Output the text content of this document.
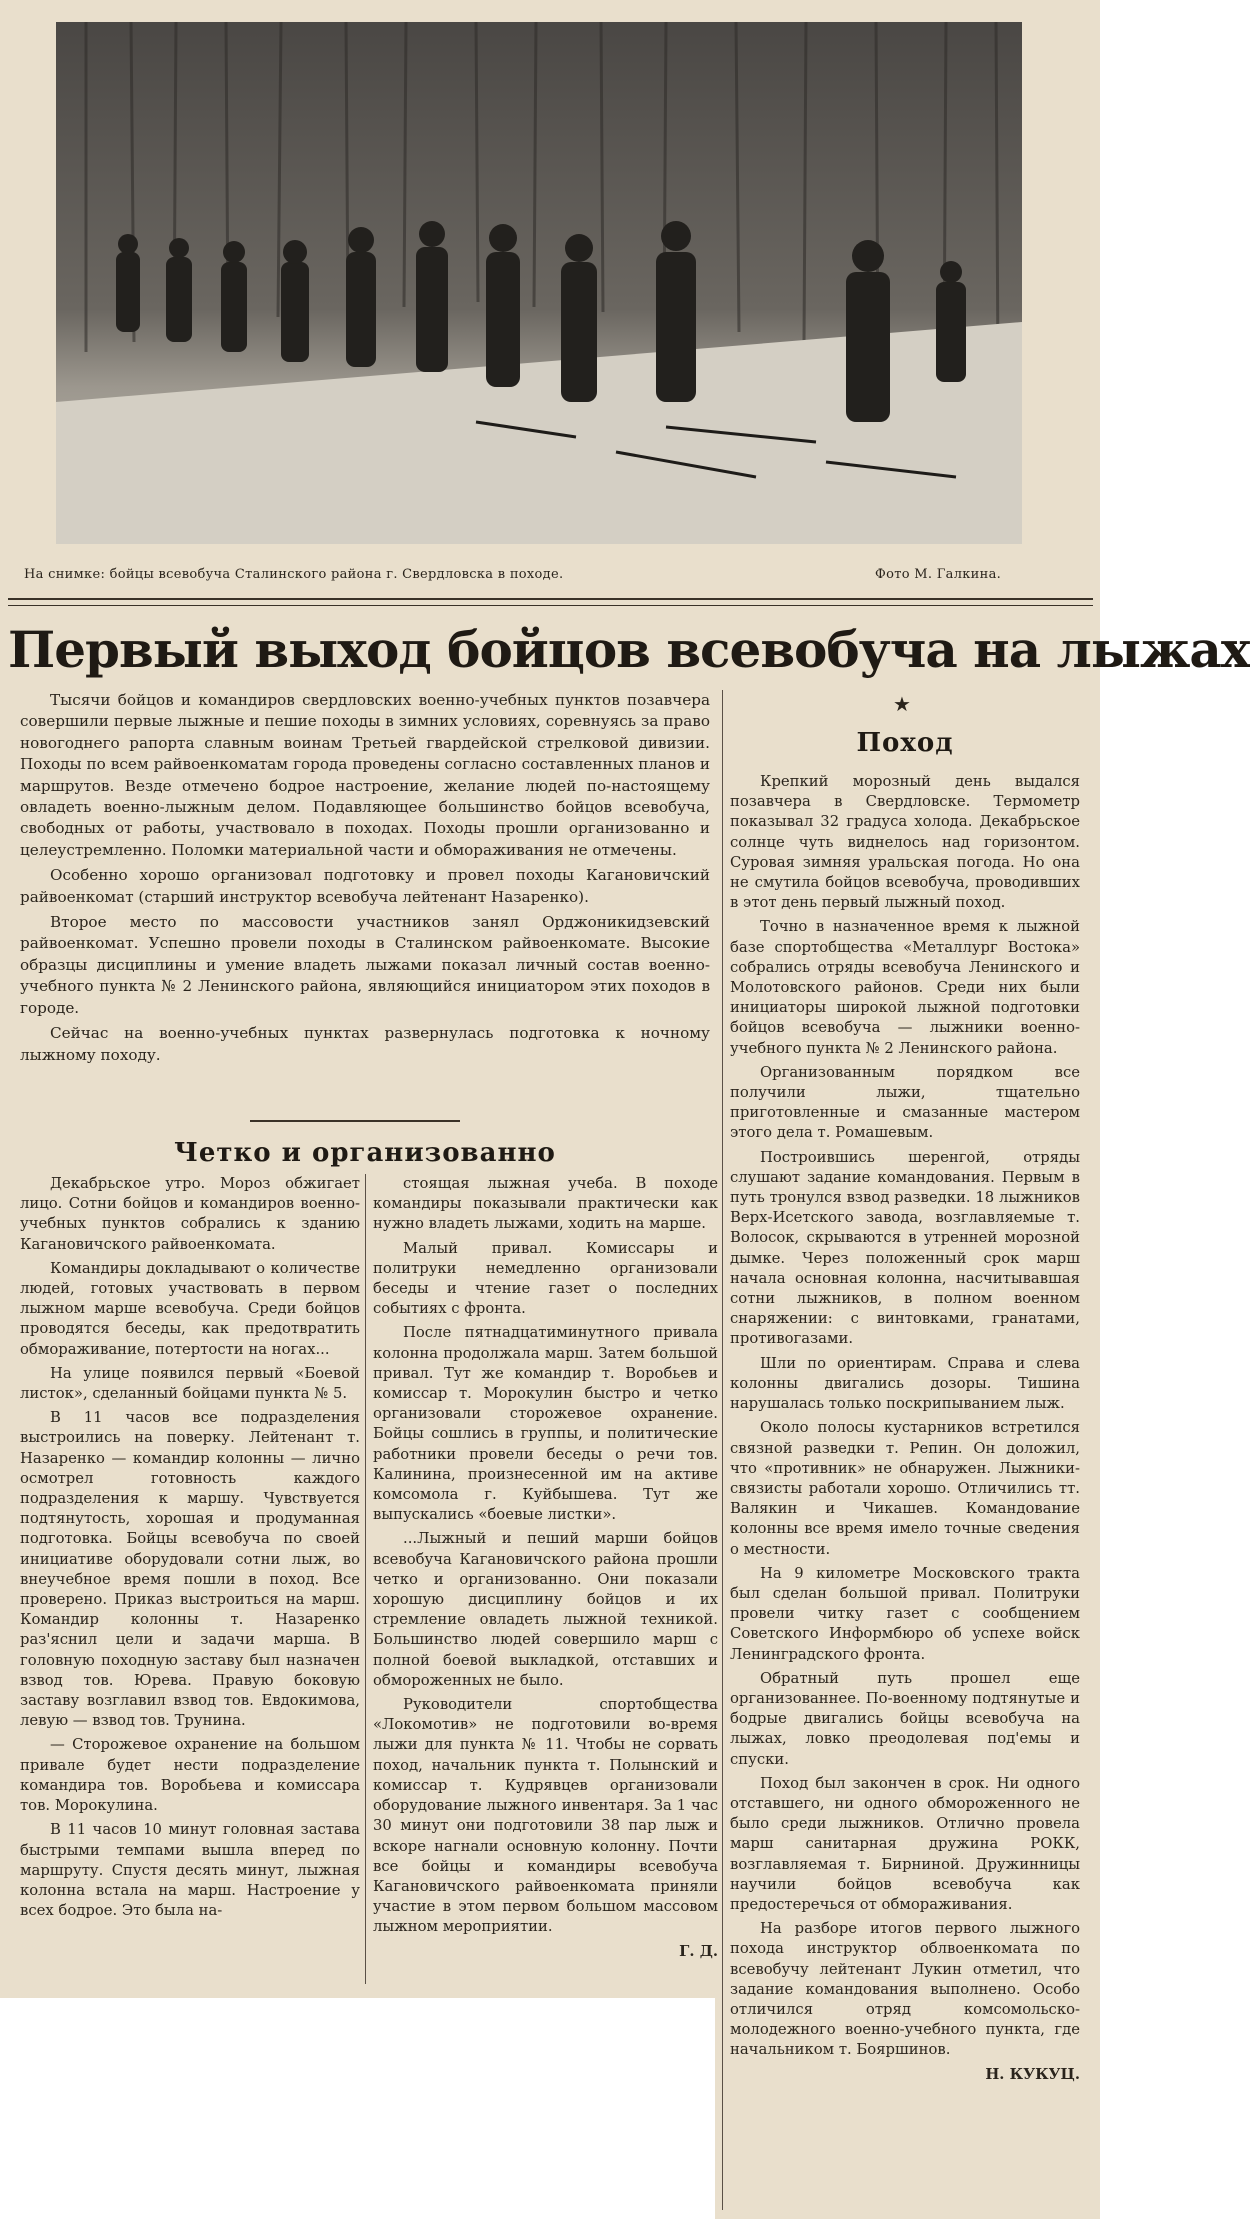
На снимке: бойцы всевобуча Сталинского района г. Свердловска в походе.	Фото М. Галкина.
Первый выход бойцов всевобуча на лыжах

Тысячи бойцов и командиров свердловских военно-учебных пунктов позавчера совершили первые лыжные и пешие походы в зимних условиях, соревнуясь за право новогоднего рапорта славным воинам Третьей гвардейской стрелковой дивизии. Походы по всем райвоенкоматам города проведены согласно составленных планов и маршрутов. Везде отмечено бодрое настроение, желание людей по-настоящему овладеть военно-лыжным делом. Подавляющее большинство бойцов всевобуча, свободных от работы, участвовало в походах. Походы прошли организованно и целеустремленно. Поломки материальной части и обмораживания не отмечены.

Особенно хорошо организовал подготовку и провел походы Кагановичский райвоенкомат (старший инструктор всевобуча лейтенант Назаренко).

Второе место по массовости участников занял Орджоникидзевский райвоенкомат. Успешно провели походы в Сталинском райвоенкомате. Высокие образцы дисциплины и умение владеть лыжами показал личный состав военно-учебного пункта № 2 Ленинского района, являющийся инициатором этих походов в городе.

Сейчас на военно-учебных пунктах развернулась подготовка к ночному лыжному походу.

Четко и организованно

Декабрьское утро. Мороз обжигает лицо. Сотни бойцов и командиров военно-учебных пунктов собрались к зданию Кагановичского райвоенкомата.

Командиры докладывают о количестве людей, готовых участвовать в первом лыжном марше всевобуча. Среди бойцов проводятся беседы, как предотвратить обмораживание, потертости на ногах...

На улице появился первый «Боевой листок», сделанный бойцами пункта № 5.

В 11 часов все подразделения выстроились на поверку. Лейтенант т. Назаренко — командир колонны — лично осмотрел готовность каждого подразделения к маршу. Чувствуется подтянутость, хорошая и продуманная подготовка. Бойцы всевобуча по своей инициативе оборудовали сотни лыж, во внеучебное время пошли в поход. Все проверено. Приказ выстроиться на марш. Командир колонны т. Назаренко раз'яснил цели и задачи марша. В головную походную заставу был назначен взвод тов. Юрева. Правую боковую заставу возглавил взвод тов. Евдокимова, левую — взвод тов. Трунина.

— Сторожевое охранение на большом привале будет нести подразделение командира тов. Воробьева и комиссара тов. Морокулина.

В 11 часов 10 минут головная застава быстрыми темпами вышла вперед по маршруту. Спустя десять минут, лыжная колонна встала на марш. Настроение у всех бодрое. Это была на-

стоящая лыжная учеба. В походе командиры показывали практически как нужно владеть лыжами, ходить на марше.

Малый привал. Комиссары и политруки немедленно организовали беседы и чтение газет о последних событиях с фронта.

После пятнадцатиминутного привала колонна продолжала марш. Затем большой привал. Тут же командир т. Воробьев и комиссар т. Морокулин быстро и четко организовали сторожевое охранение. Бойцы сошлись в группы, и политические работники провели беседы о речи тов. Калинина, произнесенной им на активе комсомола г. Куйбышева. Тут же выпускались «боевые листки».

...Лыжный и пеший марши бойцов всевобуча Кагановичского района прошли четко и организованно. Они показали хорошую дисциплину бойцов и их стремление овладеть лыжной техникой. Большинство людей совершило марш с полной боевой выкладкой, отставших и обмороженных не было.

Руководители спортобщества «Локомотив» не подготовили во-время лыжи для пункта № 11. Чтобы не сорвать поход, начальник пункта т. Полынский и комиссар т. Кудрявцев организовали оборудование лыжного инвентаря. За 1 час 30 минут они подготовили 38 пар лыж и вскоре нагнали основную колонну. Почти все бойцы и командиры всевобуча Кагановичского райвоенкомата приняли участие в этом первом большом массовом лыжном мероприятии.

Г. Д.
★
Поход

Крепкий морозный день выдался позавчера в Свердловске. Термометр показывал 32 градуса холода. Декабрьское солнце чуть виднелось над горизонтом. Суровая зимняя уральская погода. Но она не смутила бойцов всевобуча, проводивших в этот день первый лыжный поход.

Точно в назначенное время к лыжной базе спортобщества «Металлург Востока» собрались отряды всевобуча Ленинского и Молотовского районов. Среди них были инициаторы широкой лыжной подготовки бойцов всевобуча — лыжники военно-учебного пункта № 2 Ленинского района.

Организованным порядком все получили лыжи, тщательно приготовленные и смазанные мастером этого дела т. Ромашевым.

Построившись шеренгой, отряды слушают задание командования. Первым в путь тронулся взвод разведки. 18 лыжников Верх-Исетского завода, возглавляемые т. Волосок, скрываются в утренней морозной дымке. Через положенный срок марш начала основная колонна, насчитывавшая сотни лыжников, в полном военном снаряжении: с винтовками, гранатами, противогазами.

Шли по ориентирам. Справа и слева колонны двигались дозоры. Тишина нарушалась только поскрипыванием лыж.

Около полосы кустарников встретился связной разведки т. Репин. Он доложил, что «противник» не обнаружен. Лыжники-связисты работали хорошо. Отличились тт. Валякин и Чикашев. Командование колонны все время имело точные сведения о местности.

На 9 километре Московского тракта был сделан большой привал. Политруки провели читку газет с сообщением Советского Информбюро об успехе войск Ленинградского фронта.

Обратный путь прошел еще организованнее. По-военному подтянутые и бодрые двигались бойцы всевобуча на лыжах, ловко преодолевая под'емы и спуски.

Поход был закончен в срок. Ни одного отставшего, ни одного обмороженного не было среди лыжников. Отлично провела марш санитарная дружина РОКК, возглавляемая т. Бирниной. Дружинницы научили бойцов всевобуча как предостеречься от обмораживания.

На разборе итогов первого лыжного похода инструктор облвоенкомата по всевобучу лейтенант Лукин отметил, что задание командования выполнено. Особо отличился отряд комсомольско-молодежного военно-учебного пункта, где начальником т. Бояршинов.

Н. КУКУЦ.
